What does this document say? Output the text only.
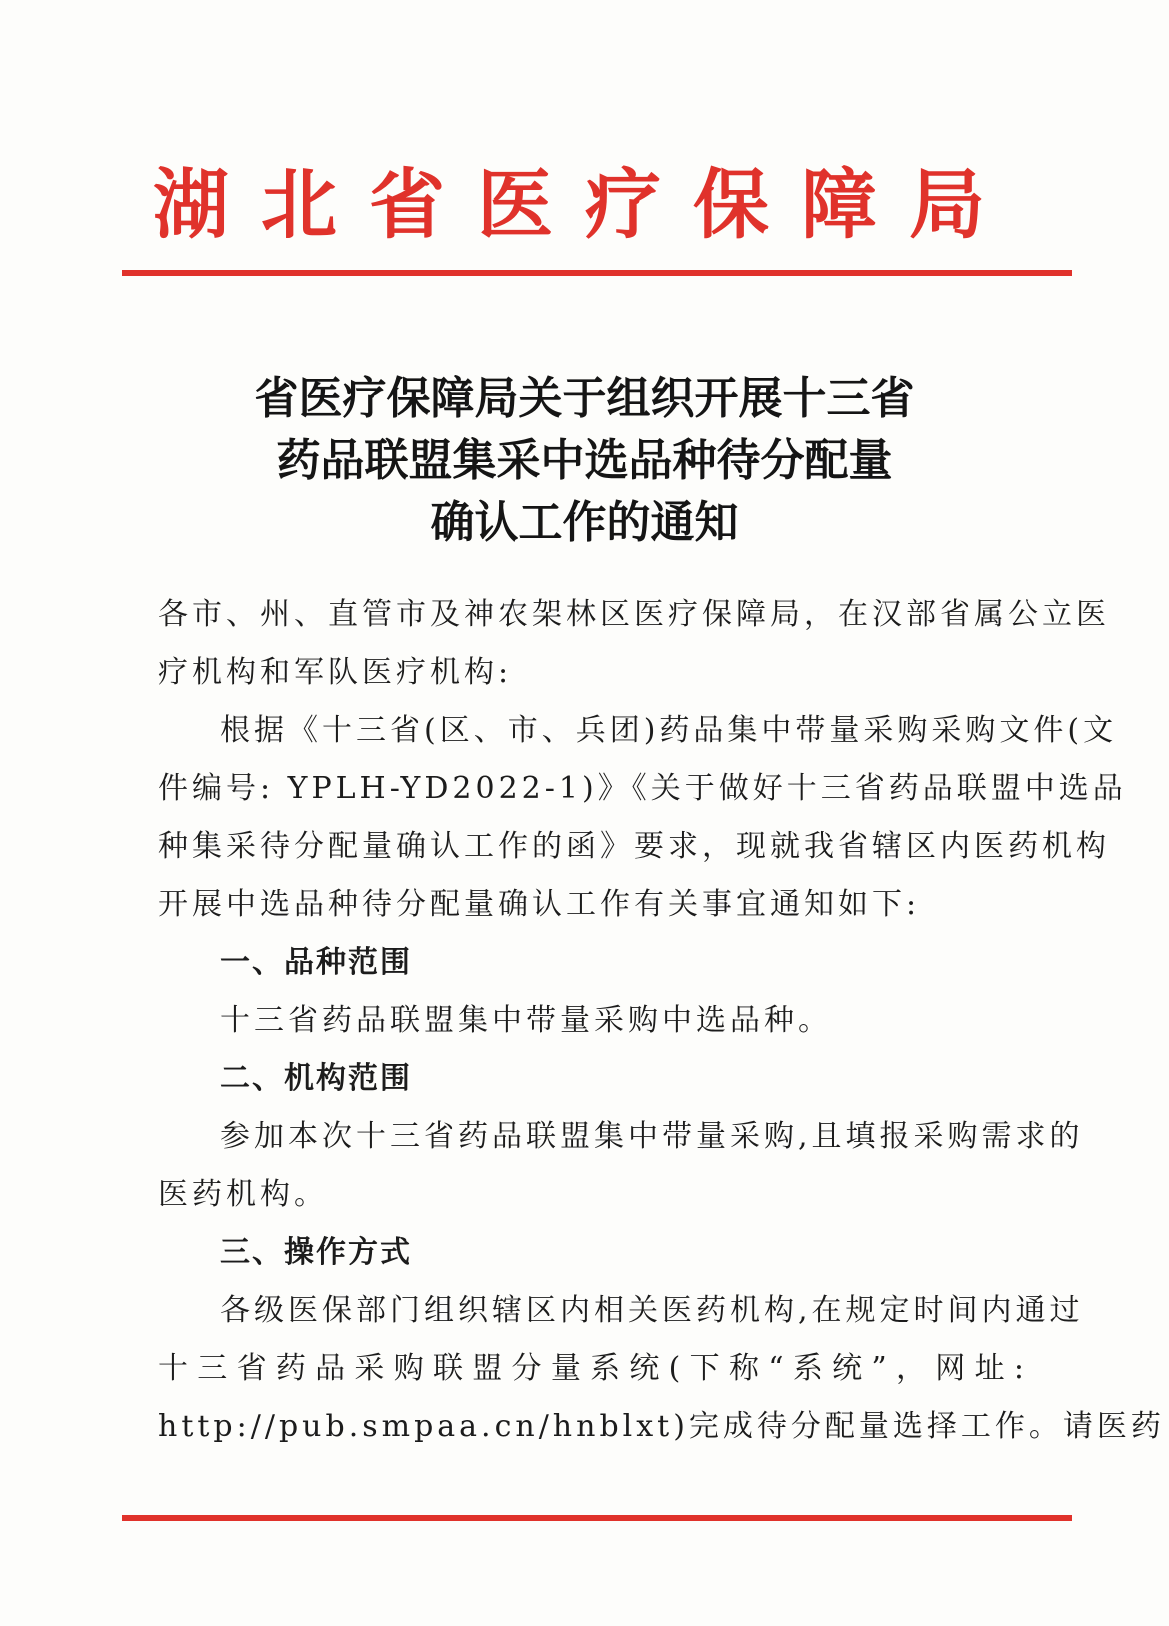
湖北省医疗保障局
省医疗保障局关于组织开展十三省
药品联盟集采中选品种待分配量
确认工作的通知
各市、州、直管市及神农架林区医疗保障局，在汉部省属公立医
疗机构和军队医疗机构:
根据《十三省(区、市、兵团)药品集中带量采购采购文件(文
件编号: YPLH-YD2022-1)》《关于做好十三省药品联盟中选品
种集采待分配量确认工作的函》要求，现就我省辖区内医药机构
开展中选品种待分配量确认工作有关事宜通知如下:
一、品种范围
十三省药品联盟集中带量采购中选品种。
二、机构范围
参加本次十三省药品联盟集中带量采购,且填报采购需求的
医药机构。
三、操作方式
各级医保部门组织辖区内相关医药机构,在规定时间内通过
十三省药品采购联盟分量系统(下称“系统”，网址:
http://pub.smpaa.cn/hnblxt)完成待分配量选择工作。请医药
